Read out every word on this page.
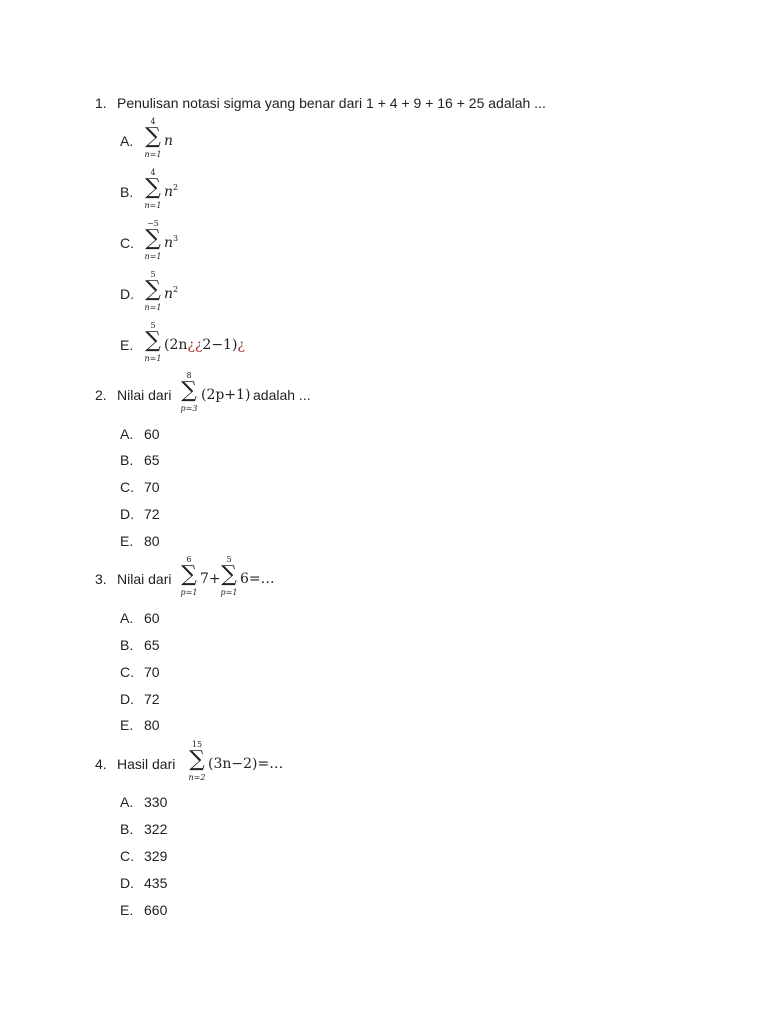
1. Penulisan notasi sigma yang benar dari 1 + 4 + 9 + 16 + 25 adalah ...
A.
4
∑
n=1
n
B.
4
∑
n=1
$n^2$
C.
−5
∑
n=1
$n^3$
D.
5
∑
n=1
$n^2$
E.
5
∑
n=1
(2n¿¿2−1)¿
2. Nilai dari
8
∑
p=3
(2p+1) adalah ...
A. 60
B. 65
C. 70
D. 72
E. 80
3. Nilai dari
6
∑
p=1
7+
5
∑
p=1
6=…
A. 60
B. 65
C. 70
D. 72
E. 80
4. Hasil dari
15
∑
n=2
(3n−2)=…
A. 330
B. 322
C. 329
D. 435
E. 660
